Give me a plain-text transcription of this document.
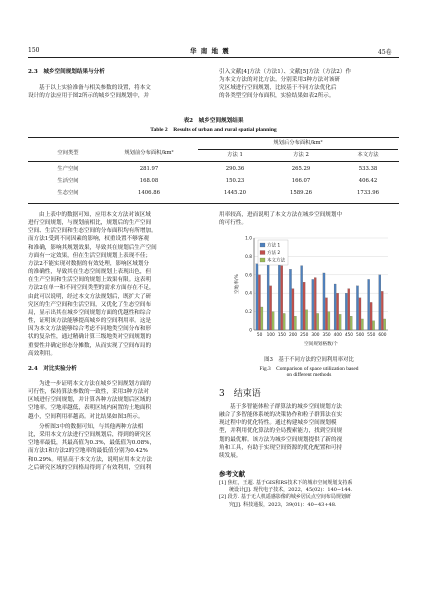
150	华 南 地 震	45卷
2.3　城乡空间规划结果与分析
基于以上实验准备与相关参数的设置，将本文
设计的方法应用于图2所示的城乡空间规划中，并
引入文献[4]方法（方法1）、文献[5]方法（方法2）作
为本文方法的对比方法。分别采用3种方法对该研
究区域进行空间规划，比较基于不同方法优化后
的各类型空间分布面积，实验结果如表2所示。
表2　城乡空间规划结果
Table 2　Results of urban and rural spatial planning
空间类型	规划前分布面积/km²
规划后分布面积/km²
方法 1	方法 2	本文方法
生产空间	281.97	290.36	265.29	533.38
生活空间	168.08	150.23	166.07	406.42
生态空间	1406.86	1445.20	1589.26	1733.96
由上表中的数据可知，应用本文方法对该区域
进行空间规划，与规划前相比，规划后的生产空间
空间、生活空间和生态空间的分布面积均有所增加。
而方法1受到不同因素的影响，权重设置不够客观
和准确，影响其规划效果，导致其在规划后生产空间
方面有一定效果，但在生活空间规划上表现不佳；
方法2不能实现对数据的有效处理，影响区域划分
的准确性，导致其在生态空间规划上表现出色，但
在生产空间和生活空间的规划上效果有限。这表明
方法2在单一和不同空间类型的需求方面存在不足，
由此可以说明，经过本文方法规划后，既扩大了研
究区的生产空间和生活空间，又优化了生态空间布
局，显示出其在城乡空间规划方面的优越性和综合
性，证明该方法能够提高城乡的空间利用率。这是
因为本文方法能够综合考虑不同地类空间分布和形
状的复杂性，通过精确计算三级地类对空间规划的
重要性并确定形态分摊数，从而实现了空间布局的
高效利用。
2.4　对比实验分析
为进一步证明本文方法在城乡空间规划方面的
可行性，保持算法参数的一致性，采用3种方法对
区域进行空间规划，并计算各种方法规划后区域的
空地率。空地率越低，表明区域内闲置的土地面积
越小，空间利用率越高。对比结果如图3所示。
分析图3中的数据可知，与其他两种方法相
比，采用本文方法进行空间规划后，得到的研究区
空地率最低，其最高值为0.3%，最低值为0.08%，
而方法1和方法2的空地率的最低值分别为0.42%
和0.29%。明显高于本文方法，说明应用本文方法
之后研究区域的空间格局得到了有效利用，空间利
用率较高，进而说明了本文方法在城乡空间规划中
的可行性。
0
0.2
0.4
0.6
0.8
1.0
50 100 150 200 250 300 350 400 450 500 550 600
空间规划格数/个
空地率/%
方法 1
方法 2
本文方法
图3　基于不同方法的空间利用率对比
Fig.3　Comparison of space utilization based
on different methods
3　结束语
基于多智能体粒子群算法的城乡空间规划方法
融合了多智能体系统的决策协作和粒子群算法在实
现过程中的优化特性。通过构建城乡空间规划模
型，并利用优化算法的全局搜索能力，找到空间规
划的最优解。该方法为城乡空间规划提供了新的视
角和工具，有助于实现空间资源的优化配置和可持
续发展。
参考文献
[1] 焦红，王超. 基于GIS和RS技术下的城市空间规划支持系
　　统设计[J]. 现代电子技术，2022，45(02)：140−144.
[2] 段芳. 基于无人机遥感影像的城乡居民点空间布局规划研
　　究[J]. 科技通报，2023，39(01)：40−43+48.
